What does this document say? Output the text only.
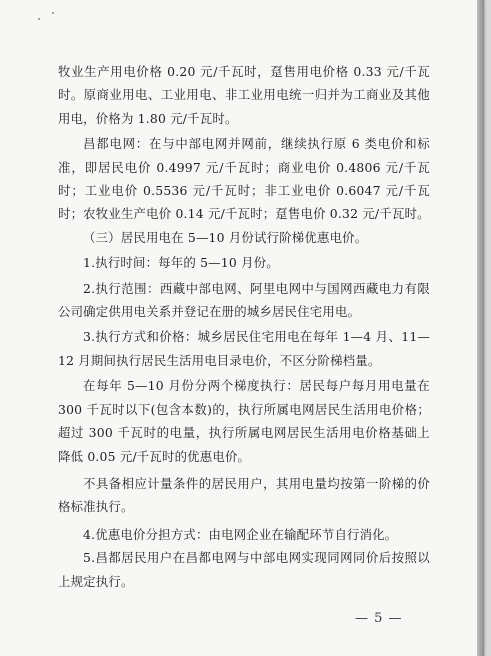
牧业生产用电价格 0.20 元/千瓦时，趸售用电价格 0.33 元/千瓦时。原商业用电、工业用电、非工业用电统一归并为工商业及其他用电，价格为 1.80 元/千瓦时。

昌都电网：在与中部电网并网前，继续执行原 6 类电价和标准，即居民电价 0.4997 元/千瓦时；商业电价 0.4806 元/千瓦时；工业电价 0.5536 元/千瓦时；非工业电价 0.6047 元/千瓦时；农牧业生产电价 0.14 元/千瓦时；趸售电价 0.32 元/千瓦时。

（三）居民用电在 5—10 月份试行阶梯优惠电价。

1.执行时间：每年的 5—10 月份。

2.执行范围：西藏中部电网、阿里电网中与国网西藏电力有限公司确定供用电关系并登记在册的城乡居民住宅用电。

3.执行方式和价格：城乡居民住宅用电在每年 1—4 月、11—12 月期间执行居民生活用电目录电价，不区分阶梯档量。

在每年 5—10 月份分两个梯度执行：居民每户每月用电量在 300 千瓦时以下(包含本数)的，执行所属电网居民生活用电价格；超过 300 千瓦时的电量，执行所属电网居民生活用电价格基础上降低 0.05 元/千瓦时的优惠电价。

不具备相应计量条件的居民用户，其用电量均按第一阶梯的价格标准执行。

4.优惠电价分担方式：由电网企业在输配环节自行消化。

5.昌都居民用户在昌都电网与中部电网实现同网同价后按照以上规定执行。

— 5 —
